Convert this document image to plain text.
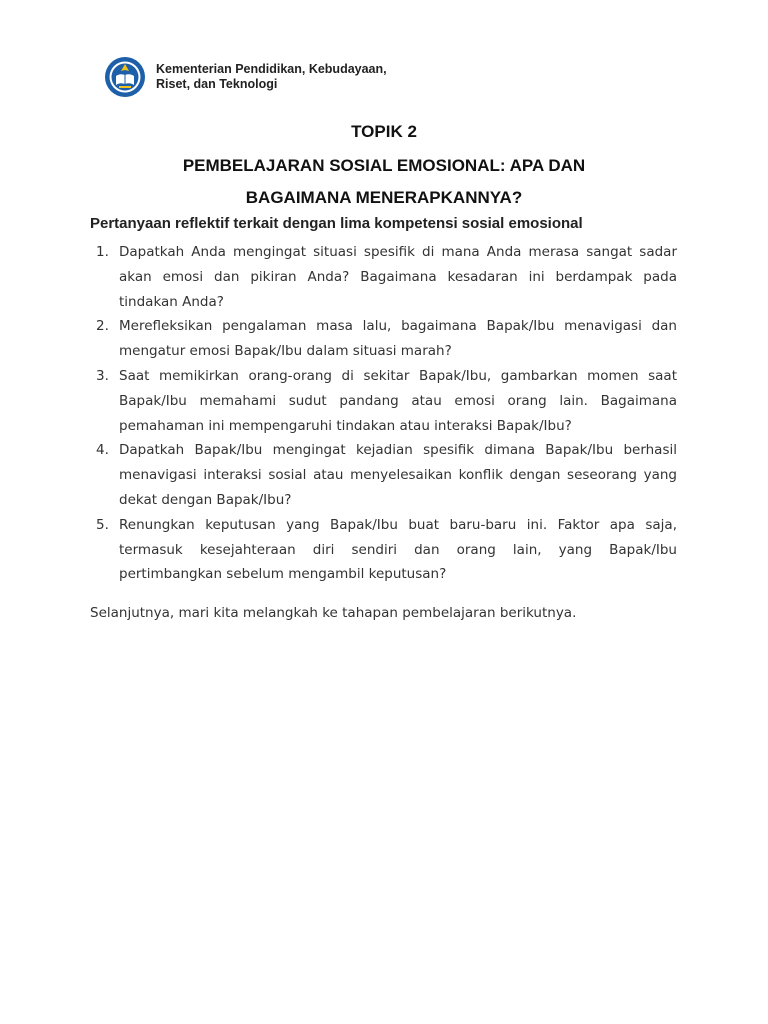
Kementerian Pendidikan, Kebudayaan,
Riset, dan Teknologi
TOPIK 2
PEMBELAJARAN SOSIAL EMOSIONAL: APA DAN BAGAIMANA MENERAPKANNYA?
Pertanyaan reflektif terkait dengan lima kompetensi sosial emosional
1. Dapatkah Anda mengingat situasi spesifik di mana Anda merasa sangat sadar akan emosi dan pikiran Anda? Bagaimana kesadaran ini berdampak pada tindakan Anda?
2. Merefleksikan pengalaman masa lalu, bagaimana Bapak/Ibu menavigasi dan mengatur emosi Bapak/Ibu dalam situasi marah?
3. Saat memikirkan orang-orang di sekitar Bapak/Ibu, gambarkan momen saat Bapak/Ibu memahami sudut pandang atau emosi orang lain. Bagaimana pemahaman ini mempengaruhi tindakan atau interaksi Bapak/Ibu?
4. Dapatkah Bapak/Ibu mengingat kejadian spesifik dimana Bapak/Ibu berhasil menavigasi interaksi sosial atau menyelesaikan konflik dengan seseorang yang dekat dengan Bapak/Ibu?
5. Renungkan keputusan yang Bapak/Ibu buat baru-baru ini. Faktor apa saja, termasuk kesejahteraan diri sendiri dan orang lain, yang Bapak/Ibu pertimbangkan sebelum mengambil keputusan?
Selanjutnya, mari kita melangkah ke tahapan pembelajaran berikutnya.
